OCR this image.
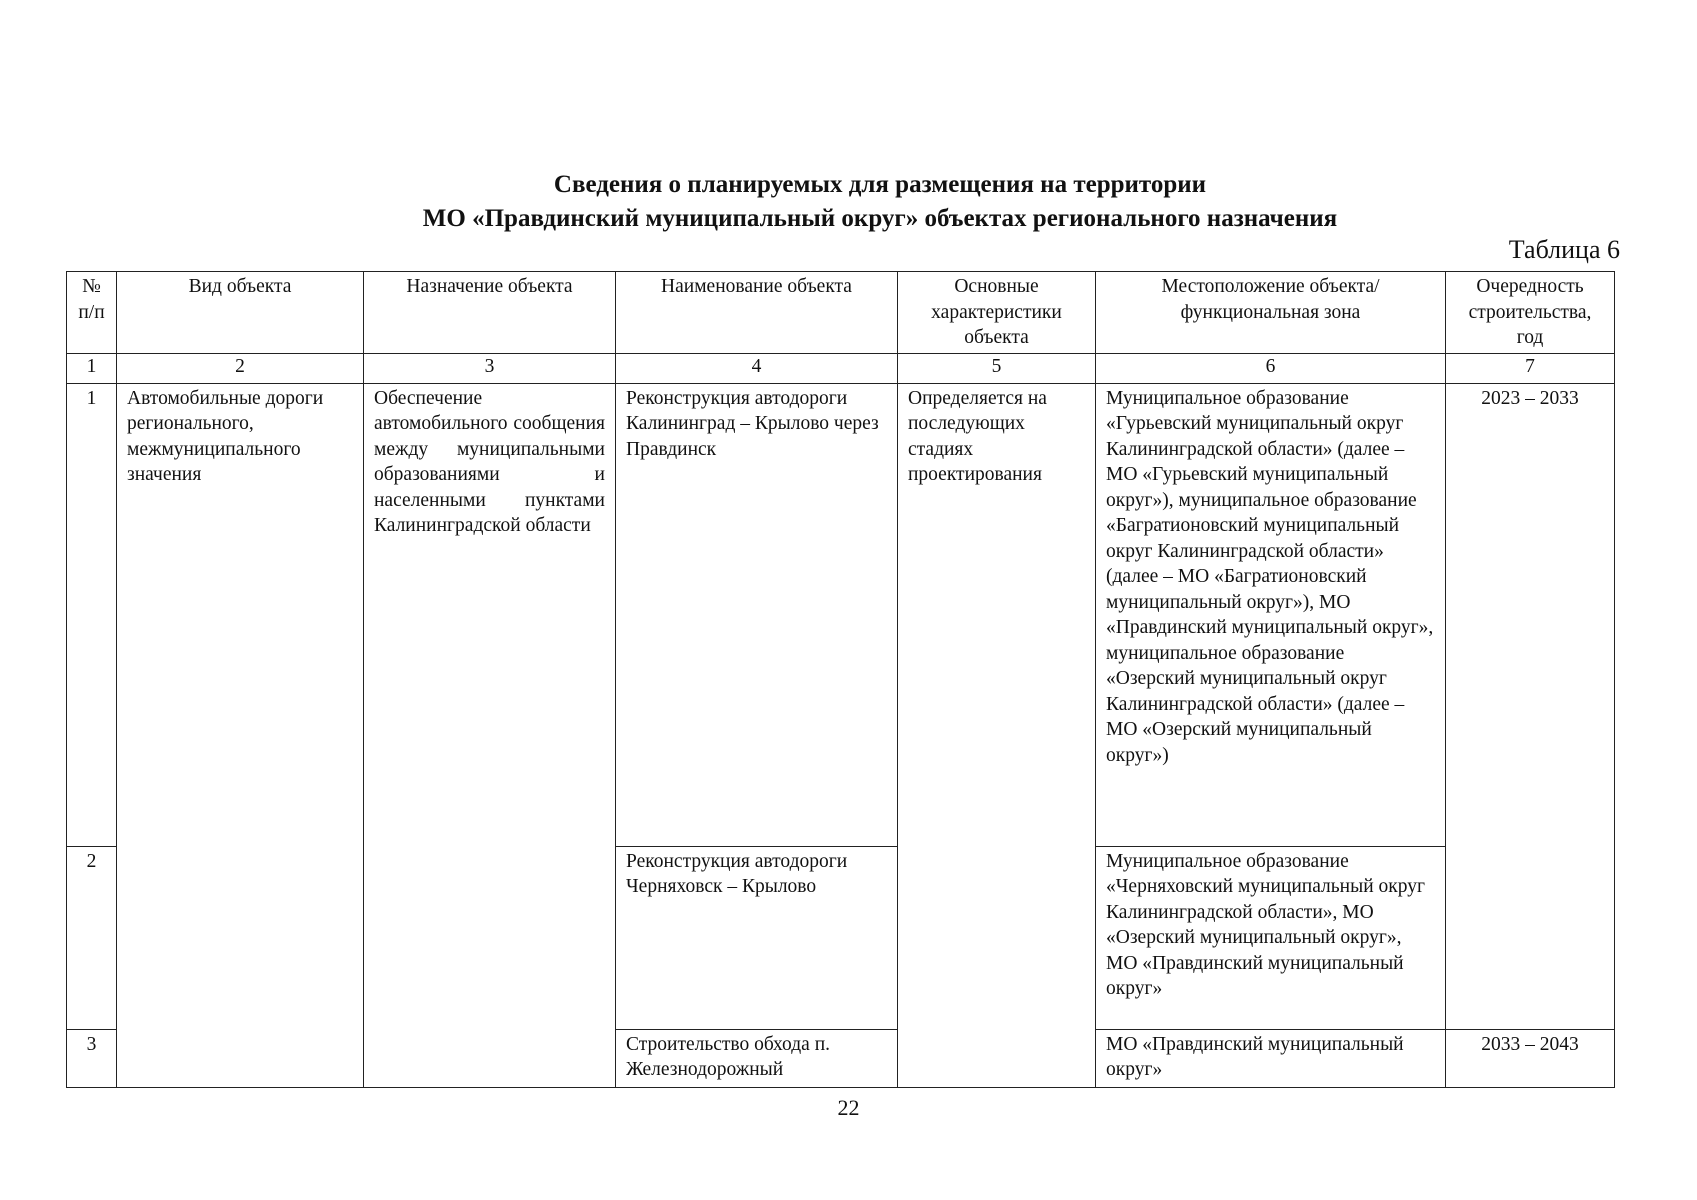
Сведения о планируемых для размещения на территории
МО «Правдинский муниципальный округ» объектах регионального назначения
Таблица 6
№ п/п	Вид объекта	Назначение объекта	Наименование объекта	Основные характеристики объекта	Местоположение объекта/ функциональная зона	Очередность строительства, год
1	2	3	4	5	6	7
1	Автомобильные дороги регионального, межмуниципального значения	Обеспечение автомобильного сообщения между муниципальными образованиями и населенными пунктами Калининградской области	Реконструкция автодороги Калининград – Крылово через Правдинск	Определяется на последующих стадиях проектирования	Муниципальное образование «Гурьевский муниципальный округ Калининградской области» (далее – МО «Гурьевский муниципальный округ»), муниципальное образование «Багратионовский муниципальный округ Калининградской области» (далее – МО «Багратионовский муниципальный округ»), МО «Правдинский муниципальный округ», муниципальное образование «Озерский муниципальный округ Калининградской области» (далее – МО «Озерский муниципальный округ»)	2023 – 2033
2			Реконструкция автодороги Черняховск – Крылово		Муниципальное образование «Черняховский муниципальный округ Калининградской области», МО «Озерский муниципальный округ», МО «Правдинский муниципальный округ»	
3			Строительство обхода п. Железнодорожный		МО «Правдинский муниципальный округ»	2033 – 2043
22
